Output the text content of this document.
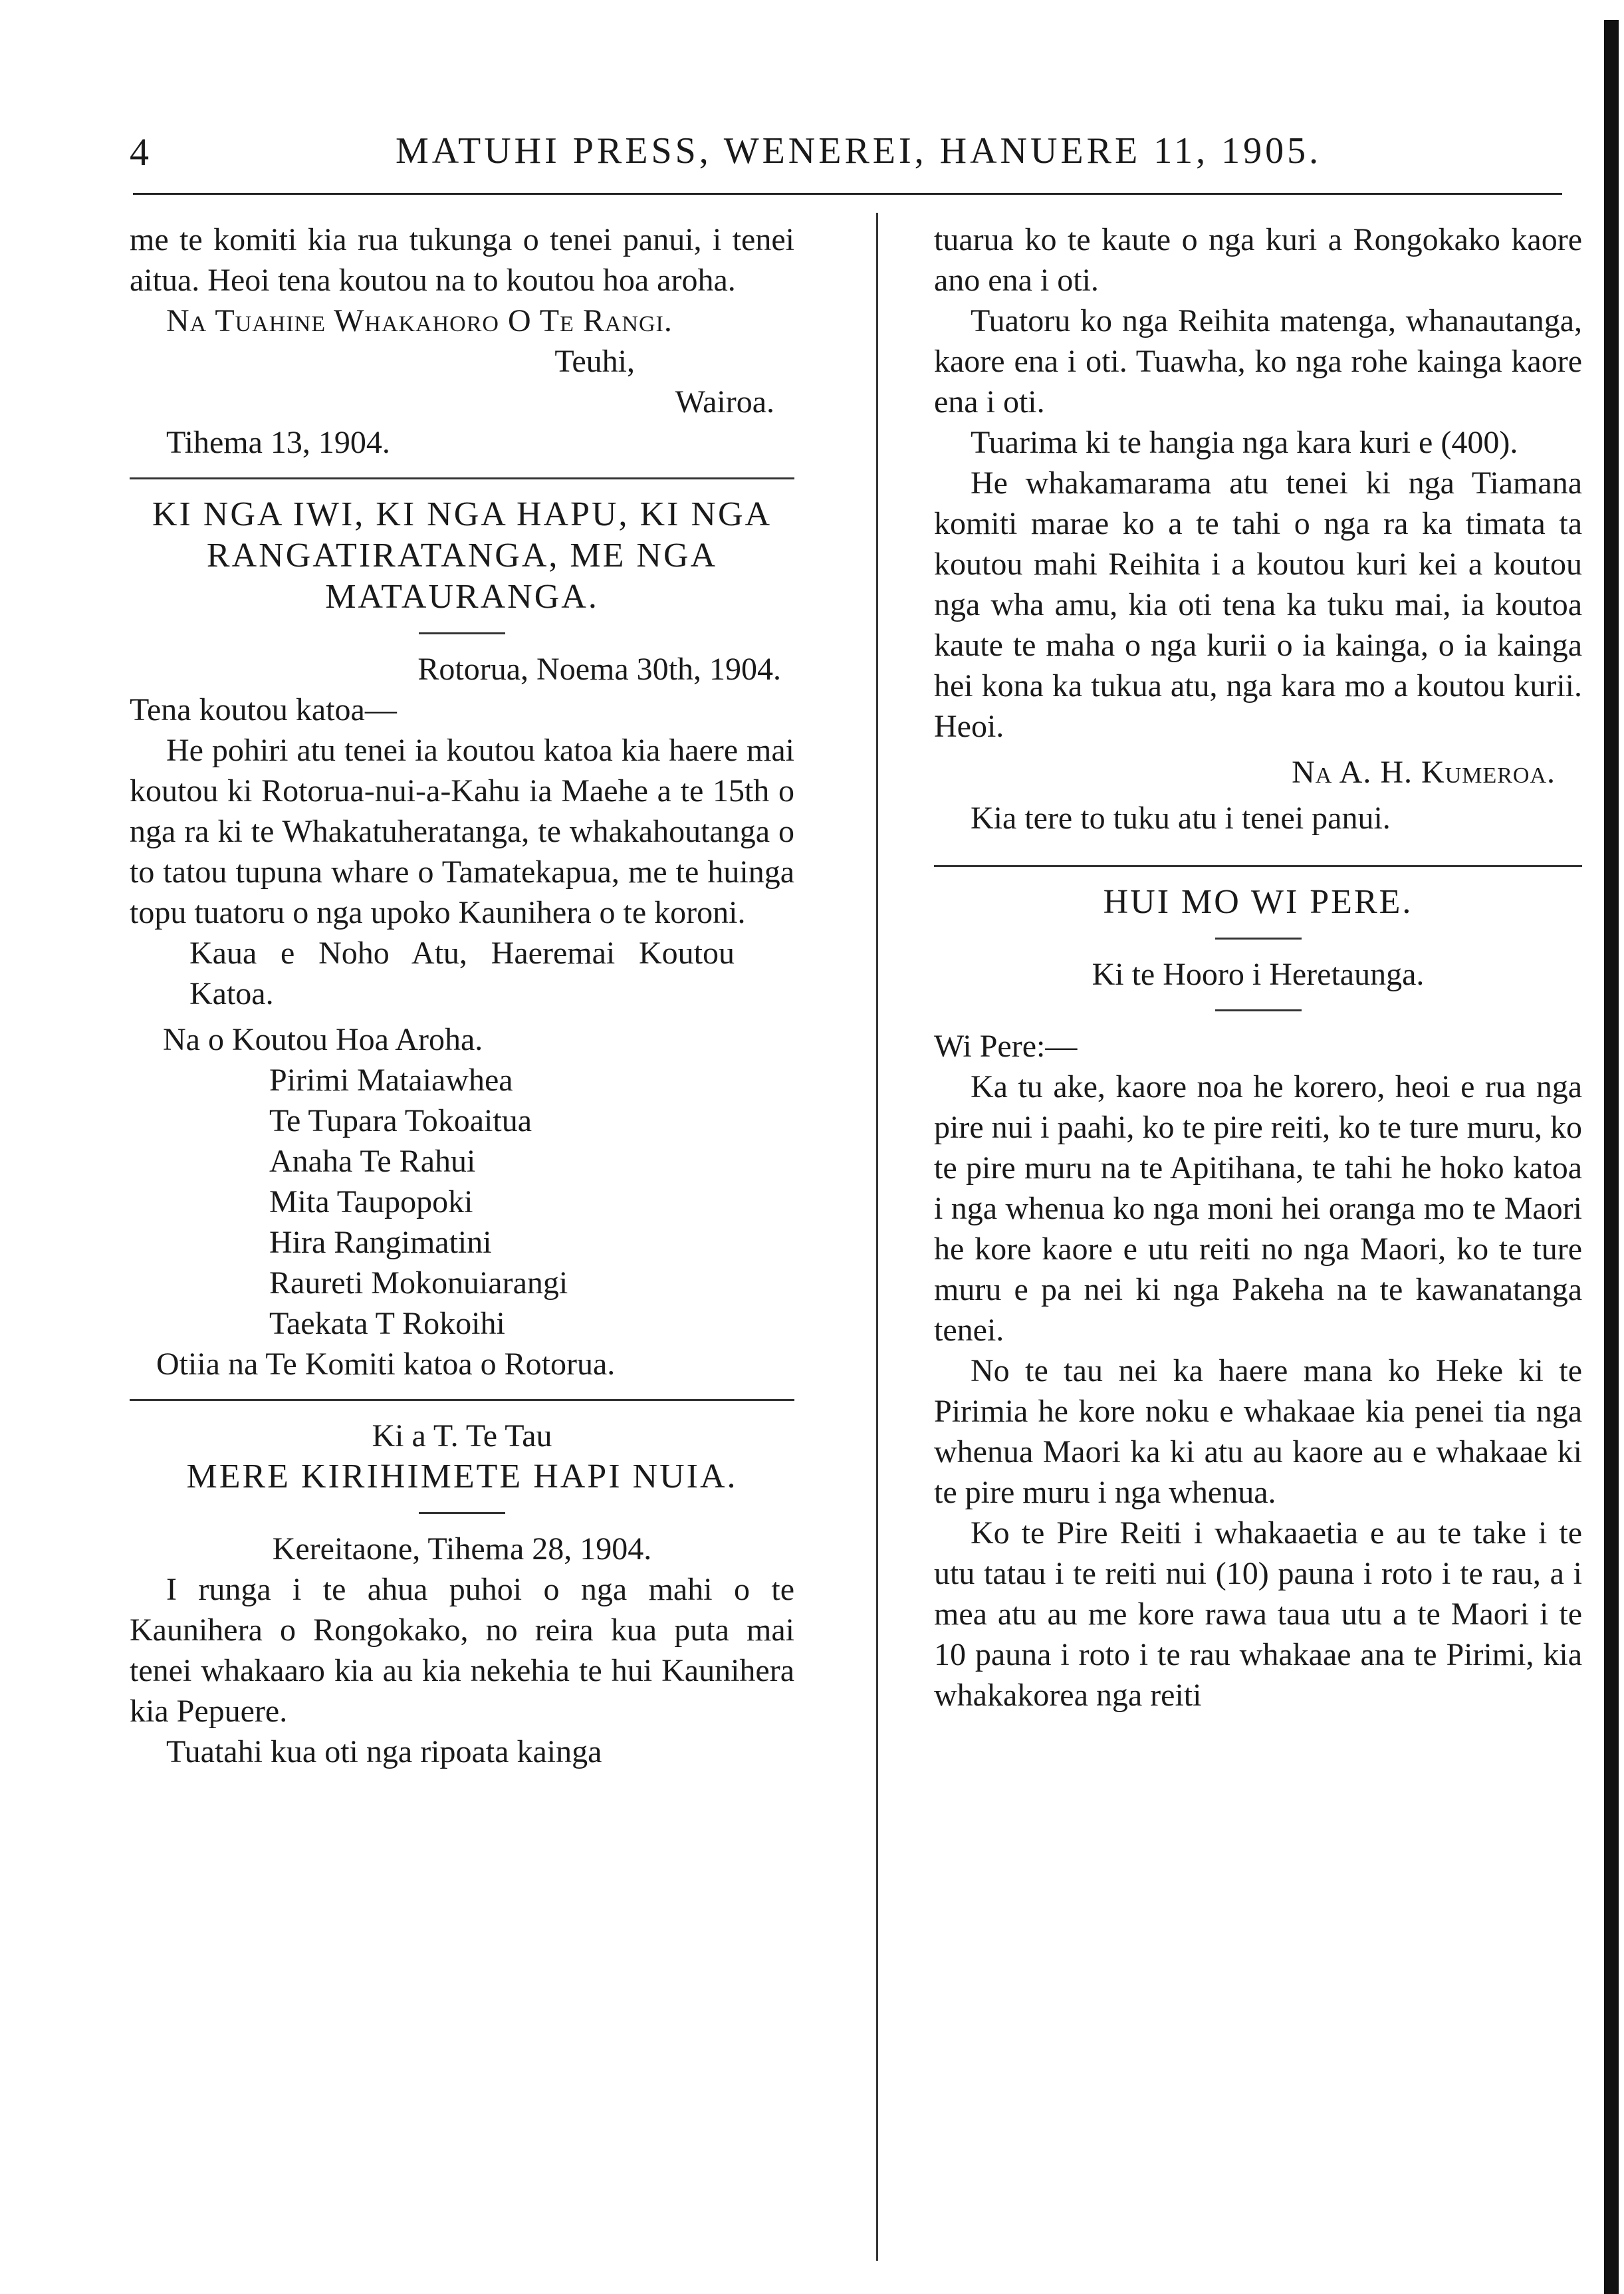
4	MATUHI PRESS, WENEREI, HANUERE 11, 1905.

me te komiti kia rua tukunga o tenei panui, i tenei aitua. Heoi tena koutou na to koutou hoa aroha.

Na Tuahine Whakahoro O Te Rangi.

Teuhi,
Wairoa.
Tihema 13, 1904.
KI NGA IWI, KI NGA HAPU, KI NGA RANGATIRATANGA, ME NGA MATAURANGA.
Rotorua, Noema 30th, 1904.

Tena koutou katoa—

He pohiri atu tenei ia koutou katoa kia haere mai koutou ki Rotorua-nui-a-Kahu ia Maehe a te 15th o nga ra ki te Whakatuheratanga, te whakahoutanga o to tatou tupuna whare o Tamatekapua, me te huinga topu tuatoru o nga upoko Kaunihera o te koroni.

Kaua e Noho Atu, Haeremai Koutou Katoa.

Na o Koutou Hoa Aroha.
Pirimi Mataiawhea
Te Tupara Tokoaitua
Anaha Te Rahui
Mita Taupopoki
Hira Rangimatini
Raureti Mokonuiarangi
Taekata T Rokoihi
Otiia na Te Komiti katoa o Rotorua.
Ki a T. Te Tau
MERE KIRIHIMETE HAPI NUIA.
Kereitaone, Tihema 28, 1904.

I runga i te ahua puhoi o nga mahi o te Kaunihera o Rongokako, no reira kua puta mai tenei whakaaro kia au kia nekehia te hui Kaunihera kia Pepuere.

Tuatahi kua oti nga ripoata kainga

tuarua ko te kaute o nga kuri a Rongokako kaore ano ena i oti.

Tuatoru ko nga Reihita matenga, whanautanga, kaore ena i oti. Tuawha, ko nga rohe kainga kaore ena i oti.

Tuarima ki te hangia nga kara kuri e (400).

He whakamarama atu tenei ki nga Tiamana komiti marae ko a te tahi o nga ra ka timata ta koutou mahi Reihita i a koutou kuri kei a koutou nga wha amu, kia oti tena ka tuku mai, ia koutoa kaute te maha o nga kurii o ia kainga, o ia kainga hei kona ka tukua atu, nga kara mo a koutou kurii. Heoi.

Na A. H. Kumeroa.
Kia tere to tuku atu i tenei panui.
HUI MO WI PERE.
Ki te Hooro i Heretaunga.

Wi Pere:—

Ka tu ake, kaore noa he korero, heoi e rua nga pire nui i paahi, ko te pire reiti, ko te ture muru, ko te pire muru na te Apitihana, te tahi he hoko katoa i nga whenua ko nga moni hei oranga mo te Maori he kore kaore e utu reiti no nga Maori, ko te ture muru e pa nei ki nga Pakeha na te kawanatanga tenei.

No te tau nei ka haere mana ko Heke ki te Pirimia he kore noku e whakaae kia penei tia nga whenua Maori ka ki atu au kaore au e whakaae ki te pire muru i nga whenua.

Ko te Pire Reiti i whakaaetia e au te take i te utu tatau i te reiti nui (10) pauna i roto i te rau, a i mea atu au me kore rawa taua utu a te Maori i te 10 pauna i roto i te rau whakaae ana te Pirimi, kia whakakorea nga reiti
